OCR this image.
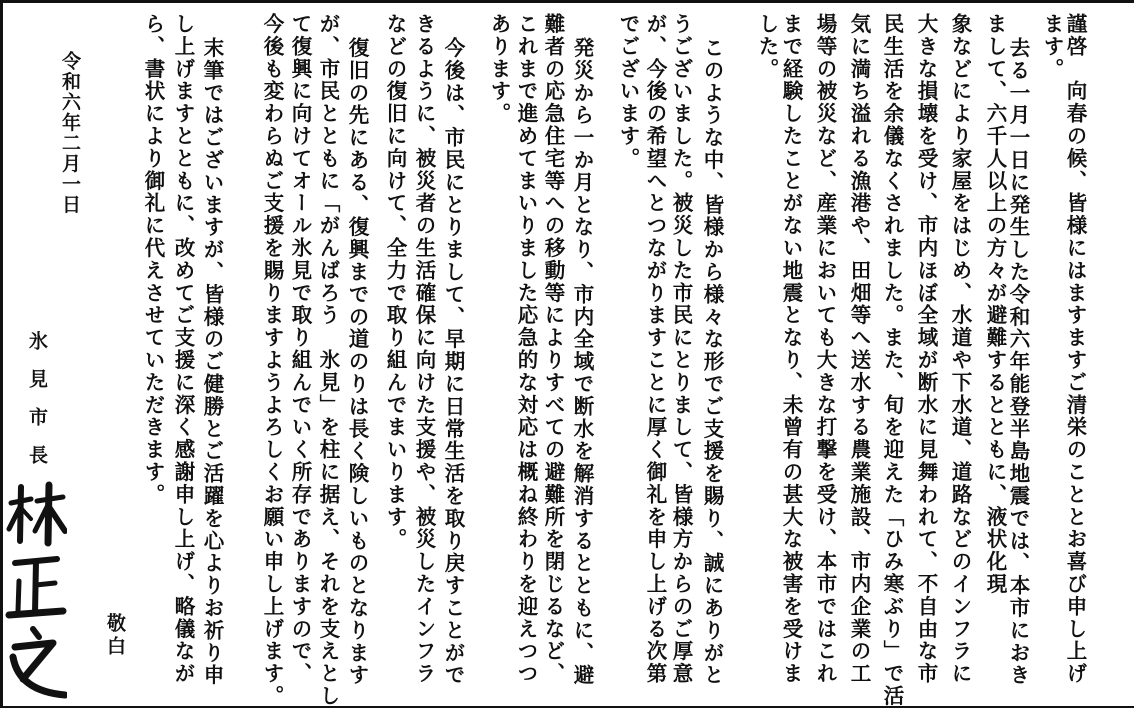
謹啓　向春の候、皆様にはますますご清栄のこととお喜び申し上げ
ます。
去る一月一日に発生した令和六年能登半島地震では、本市におき
まして、六千人以上の方々が避難するとともに、液状化現
象などにより家屋をはじめ、水道や下水道、道路などのインフラに
大きな損壊を受け、市内ほぼ全域が断水に見舞われて、不自由な市
民生活を余儀なくされました。また、旬を迎えた「ひみ寒ぶり」で活
気に満ち溢れる漁港や、田畑等へ送水する農業施設、市内企業の工
場等の被災など、産業においても大きな打撃を受け、本市ではこれ
まで経験したことがない地震となり、未曾有の甚大な被害を受けま
した。
このような中、皆様から様々な形でご支援を賜り、誠にありがと
うございました。被災した市民にとりまして、皆様方からのご厚意
が、今後の希望へとつながりますことに厚く御礼を申し上げる次第
でございます。
発災から一か月となり、市内全域で断水を解消するとともに、避
難者の応急住宅等への移動等によりすべての避難所を閉じるなど、
これまで進めてまいりました応急的な対応は概ね終わりを迎えつつ
あります。
今後は、市民にとりまして、早期に日常生活を取り戻すことがで
きるように、被災者の生活確保に向けた支援や、被災したインフラ
などの復旧に向けて、全力で取り組んでまいります。
復旧の先にある、復興までの道のりは長く険しいものとなります
が、市民とともに「がんばろう　氷見」を柱に据え、それを支えとし
て復興に向けてオール氷見で取り組んでいく所存でありますので、
今後も変わらぬご支援を賜りますようよろしくお願い申し上げます。
末筆ではございますが、皆様のご健勝とご活躍を心よりお祈り申
し上げますとともに、改めてご支援に深く感謝申し上げ、略儀なが
ら、書状により御礼に代えさせていただきます。
敬白
令和六年二月一日
氷見市長
